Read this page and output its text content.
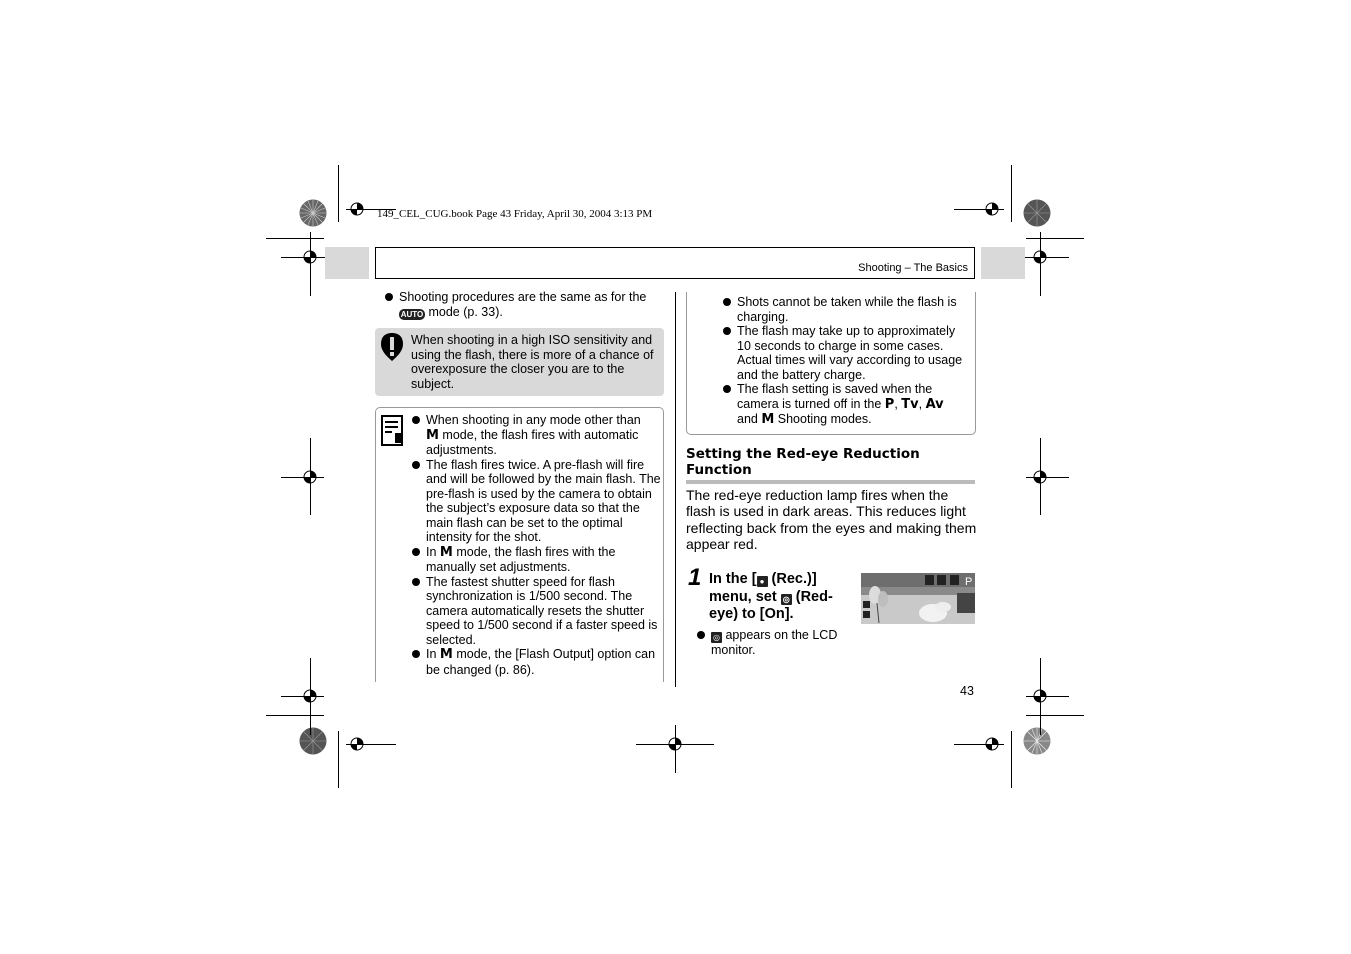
149_CEL_CUG.book Page 43 Friday, April 30, 2004 3:13 PM
Shooting – The Basics
Shooting procedures are the same as for the
AUTO mode (p. 33).
When shooting in a high ISO sensitivity and using the flash, there is more of a chance of overexposure the closer you are to the subject.
When shooting in any mode other than
M mode, the flash fires with automatic adjustments.
The flash fires twice. A pre-flash will fire and will be followed by the main flash. The pre-flash is used by the camera to obtain the subject’s exposure data so that the main flash can be set to the optimal intensity for the shot.
In M mode, the flash fires with the manually set adjustments.
The fastest shutter speed for flash synchronization is 1/500 second. The camera automatically resets the shutter speed to 1/500 second if a faster speed is selected.
In M mode, the [Flash Output] option can be changed (p. 86).
Shots cannot be taken while the flash is charging.
The flash may take up to approximately 10 seconds to charge in some cases. Actual times will vary according to usage and the battery charge.
The flash setting is saved when the camera is turned off in the P, Tv, Av
and M Shooting modes.
Setting the Red-eye Reduction Function
The red-eye reduction lamp fires when the flash is used in dark areas. This reduces light reflecting back from the eyes and making them appear red.
1 In the [ ● (Rec.)] menu, set ◎ (Red-eye) to [On].
◎ appears on the LCD monitor.
P
43
